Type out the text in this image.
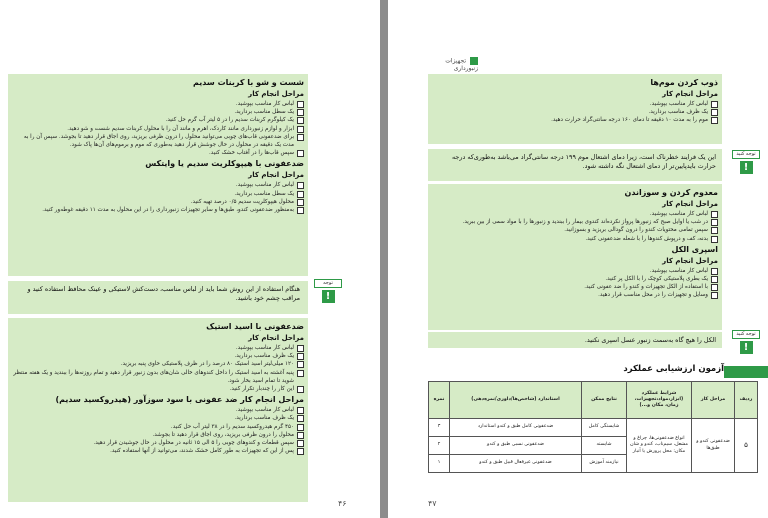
شست و شو با کربنات سدیم
مراحل انجام کار
لباس کار مناسب بپوشید.
یک سطل مناسب بردارید.
یک کیلوگرم کربنات سدیم را در ۵ لیتر آب گرم حل کنید.
ابزار و لوازم زنبورداری مانند کاردک، اهرم و مانند آن را با محلول کربنات سدیم شست و شو دهید.
برای ضدعفونی قاب‌های چوبی می‌توانید محلول را درون ظرفی بریزید، روی اجاق قرار دهید تا بجوشد. سپس آن را به مدت یک دقیقه در محلول در حال جوشش قرار دهید به‌طوری که موم و برموم‌های آن‌ها پاک شود.
سپس قاب‌ها را در آفتاب خشک کنید.
ضدعفونی با هیپوکلریت سدیم یا وایتکس
مراحل انجام کار
لباس کار مناسب بپوشید.
یک سطل مناسب بردارید.
محلول هیپوکلریت سدیم ۰/۵ درصد تهیه کنید.
به‌منظور ضدعفونی کندو، طبق‌ها و سایر تجهیزات زنبورداری را در این محلول به مدت ۱۱ دقیقه غوطه‌ور کنید.
هنگام استفاده از این روش شما باید از لباس مناسب، دست‌کش لاستیکی و عینک محافظ استفاده کنید و مراقب چشم خود باشید.
توجه
!
ضدعفونی با اسید استیک
مراحل انجام کار
لباس کار مناسب بپوشید.
یک ظرف مناسب بردارید.
۱۲۰ میلی‌لیتر اسید استیک ۸۰ درصد را در ظرف پلاستیکی حاوی پنبه بریزید.
پنبه آغشته به اسید استیک را داخل کندوهای خالی شان‌های بدون زنبور قرار دهید و تمام روزنه‌ها را ببندید و یک هفته منتظر شوید تا تمام اسید بخار شود.
این کار را چندبار تکرار کنید.
مراحل انجام کار ضد عفونی با سود سوزآور (هیدروکسید سدیم)
لباس کار مناسب بپوشید.
یک ظرف مناسب بردارید.
۴۵۰ گرم هیدروکسید سدیم را در ۳۸ لیتر آب حل کنید.
محلول را درون ظرفی بریزید، روی اجاق قرار دهید تا بجوشد.
سپس قطعات و کندوهای چوبی را ۵ الی ۱۵ ثانیه در محلول در حال جوشیدن قرار دهید.
پس از این که تجهیزات به طور کامل خشک شدند، می‌توانید از آنها استفاده کنید.
۴۶
تجهیزات زنبورداری
ذوب کردن موم‌ها
مراحل انجام کار
لباس کار مناسب بپوشید.
یک ظرف مناسب بردارید.
موم را به مدت ۱۰ دقیقه تا دمای ۱۶۰ درجه سانتی‌گراد حرارت دهید.
این یک فرایند خطرناک است، زیرا دمای اشتعال موم ۱۹۹ درجه سانتی‌گراد می‌باشد به‌طوری‌که درجه حرارت بایدپایین‌تر از دمای اشتعال نگه داشته شود.
توجه کنید
!
معدوم کردن و سوزاندن
مراحل انجام کار
لباس کار مناسب بپوشید.
در شب یا اوایل صبح که زنبورها پرواز نکرده‌اند کندوی بیمار را ببندید و زنبورها را با مواد سمی از بین ببرید.
سپس تمامی محتویات کندو را درون گودالی بریزید و بسوزانید.
بدنه، کف و درپوش کندوها را با شعله ضدعفونی کنید.
اسپری الکل
مراحل انجام کار
لباس کار مناسب بپوشید.
یک بطری پلاستیکی کوچک را با الکل پر کنید.
با استفاده از الکل تجهیزات و کندو را ضد عفونی کنید.
وسایل و تجهیزات را در محل مناسب قرار دهید.
الکل را هیچ گاه به‌سمت زنبور عسل اسپری نکنید.
توجه کنید
!
۴۷
آزمون ارزشیابی عملکرد
ردیف	مراحل کار	شرایط عملکرد (ابزار،مواد،تجهیزات، زمان، مکان و...)	نتایج ممکن	استاندارد (شاخص‌ها/داوری/نمره‌دهی)	نمره
۵	ضدعفونی کندو و طبق‌ها	انواع ضدعفونی‌ها، چراغ و مشعل، سیم‌ناب، کندو و شان مکان: محل پرورش یا آنبار	شایستگی کامل	ضدعفونی کامل طبق و کندو استاندارد	۳
			شایسته	ضدعفونی نسبی طبق و کندو	۲
			نیازمند آموزش	ضدعفونی غیرفعال قبیل طبق و کندو	۱
